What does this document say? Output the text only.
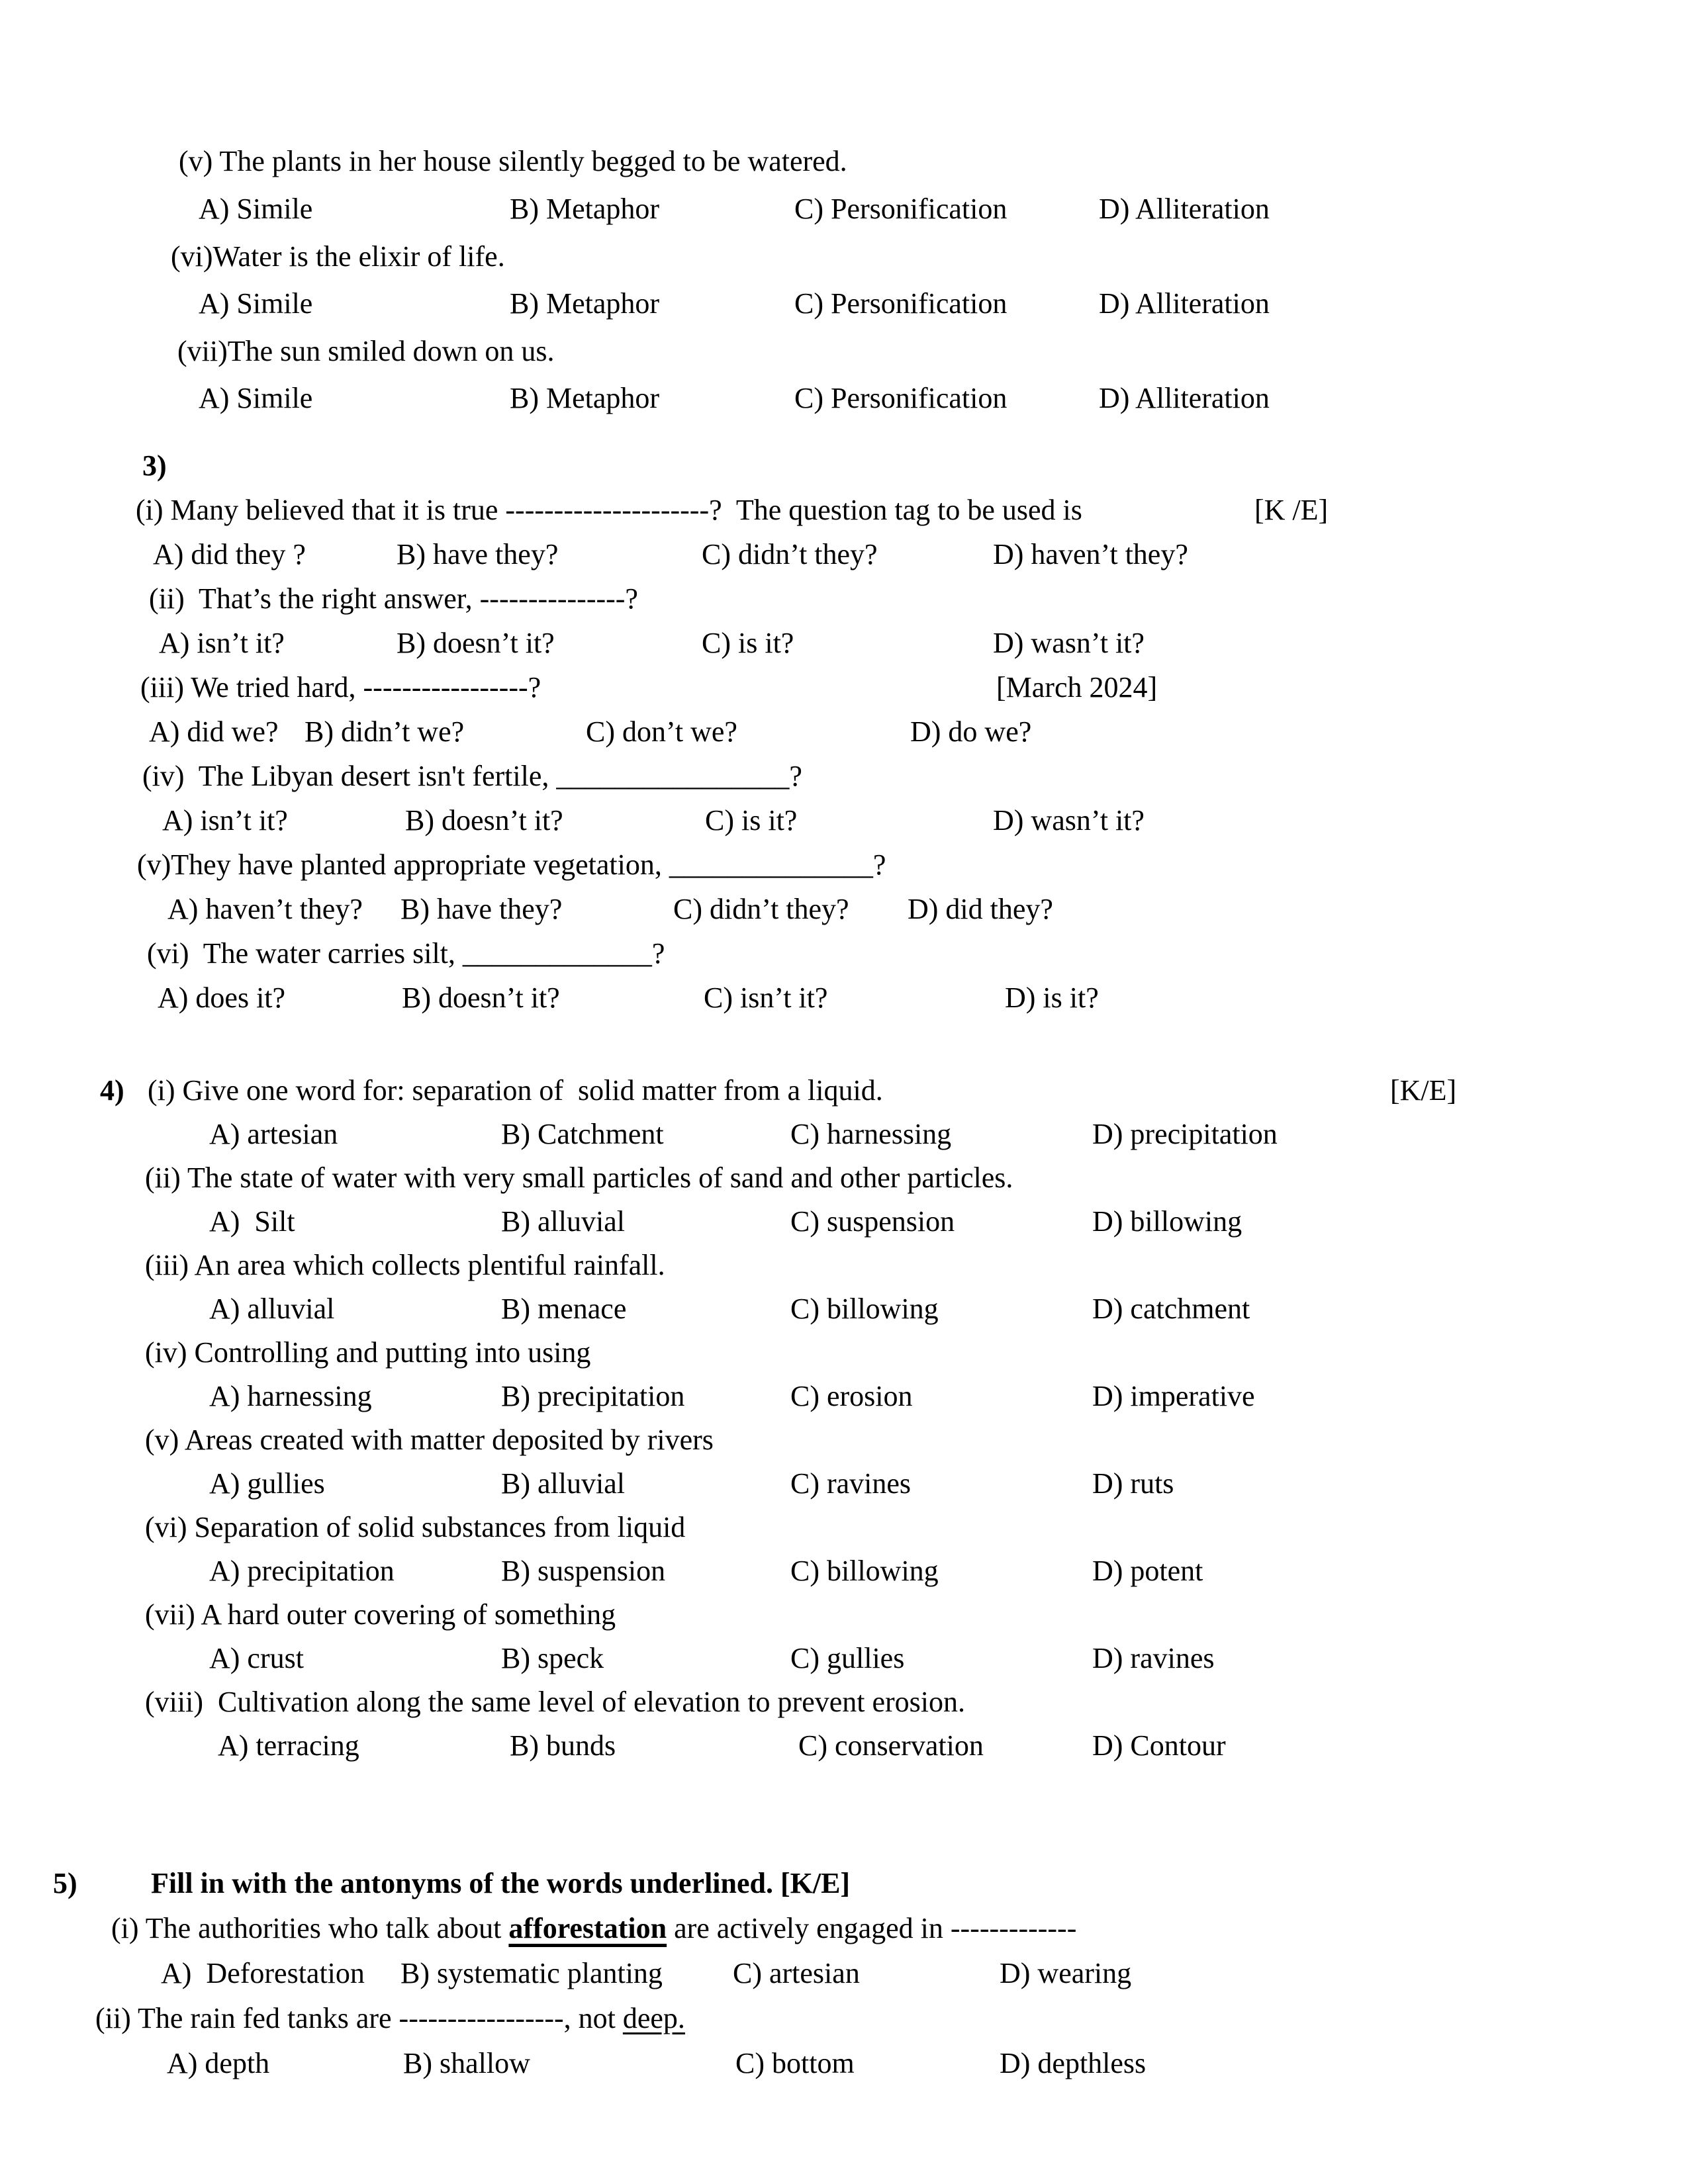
(v) The plants in her house silently begged to be watered.
A) Simile	B) Metaphor	C) Personification	D) Alliteration
(vi)Water is the elixir of life.
A) Simile	B) Metaphor	C) Personification	D) Alliteration
(vii)The sun smiled down on us.
A) Simile	B) Metaphor	C) Personification	D) Alliteration
3)
(i) Many believed that it is true ---------------------?  The question tag to be used is	[K /E]
A) did they ?	B) have they?	C) didn’t they?	D) haven’t they?
(ii)  That’s the right answer, ---------------?
A) isn’t it?	B) doesn’t it?	C) is it?	D) wasn’t it?
(iii) We tried hard, -----------------?	[March 2024]
A) did we? B) didn’t we?	C) don’t we?	D) do we?
(iv)  The Libyan desert isn't fertile, ________________?
A) isn’t it?	B) doesn’t it?	C) is it?	D) wasn’t it?
(v)They have planted appropriate vegetation, ______________?
A) haven’t they? B) have they?	C) didn’t they? D) did they?
(vi)  The water carries silt, _____________?
A) does it?	B) doesn’t it?	C) isn’t it?	D) is it?
4) (i) Give one word for: separation of  solid matter from a liquid.	[K/E]
A) artesian	B) Catchment	C) harnessing	D) precipitation
(ii) The state of water with very small particles of sand and other particles.
A)  Silt	B) alluvial	C) suspension	D) billowing
(iii) An area which collects plentiful rainfall.
A) alluvial	B) menace	C) billowing	D) catchment
(iv) Controlling and putting into using
A) harnessing	B) precipitation	C) erosion	D) imperative
(v) Areas created with matter deposited by rivers
A) gullies	B) alluvial	C) ravines	D) ruts
(vi) Separation of solid substances from liquid
A) precipitation	B) suspension	C) billowing	D) potent
(vii) A hard outer covering of something
A) crust	B) speck	C) gullies	D) ravines
(viii)  Cultivation along the same level of elevation to prevent erosion.
A) terracing	B) bunds	C) conservation	D) Contour
5)	Fill in with the antonyms of the words underlined. [K/E]
(i) The authorities who talk about afforestation are actively engaged in -------------
A)  Deforestation B) systematic planting C) artesian	D) wearing
(ii) The rain fed tanks are -----------------, not deep.
A) depth	B) shallow	C) bottom	D) depthless
